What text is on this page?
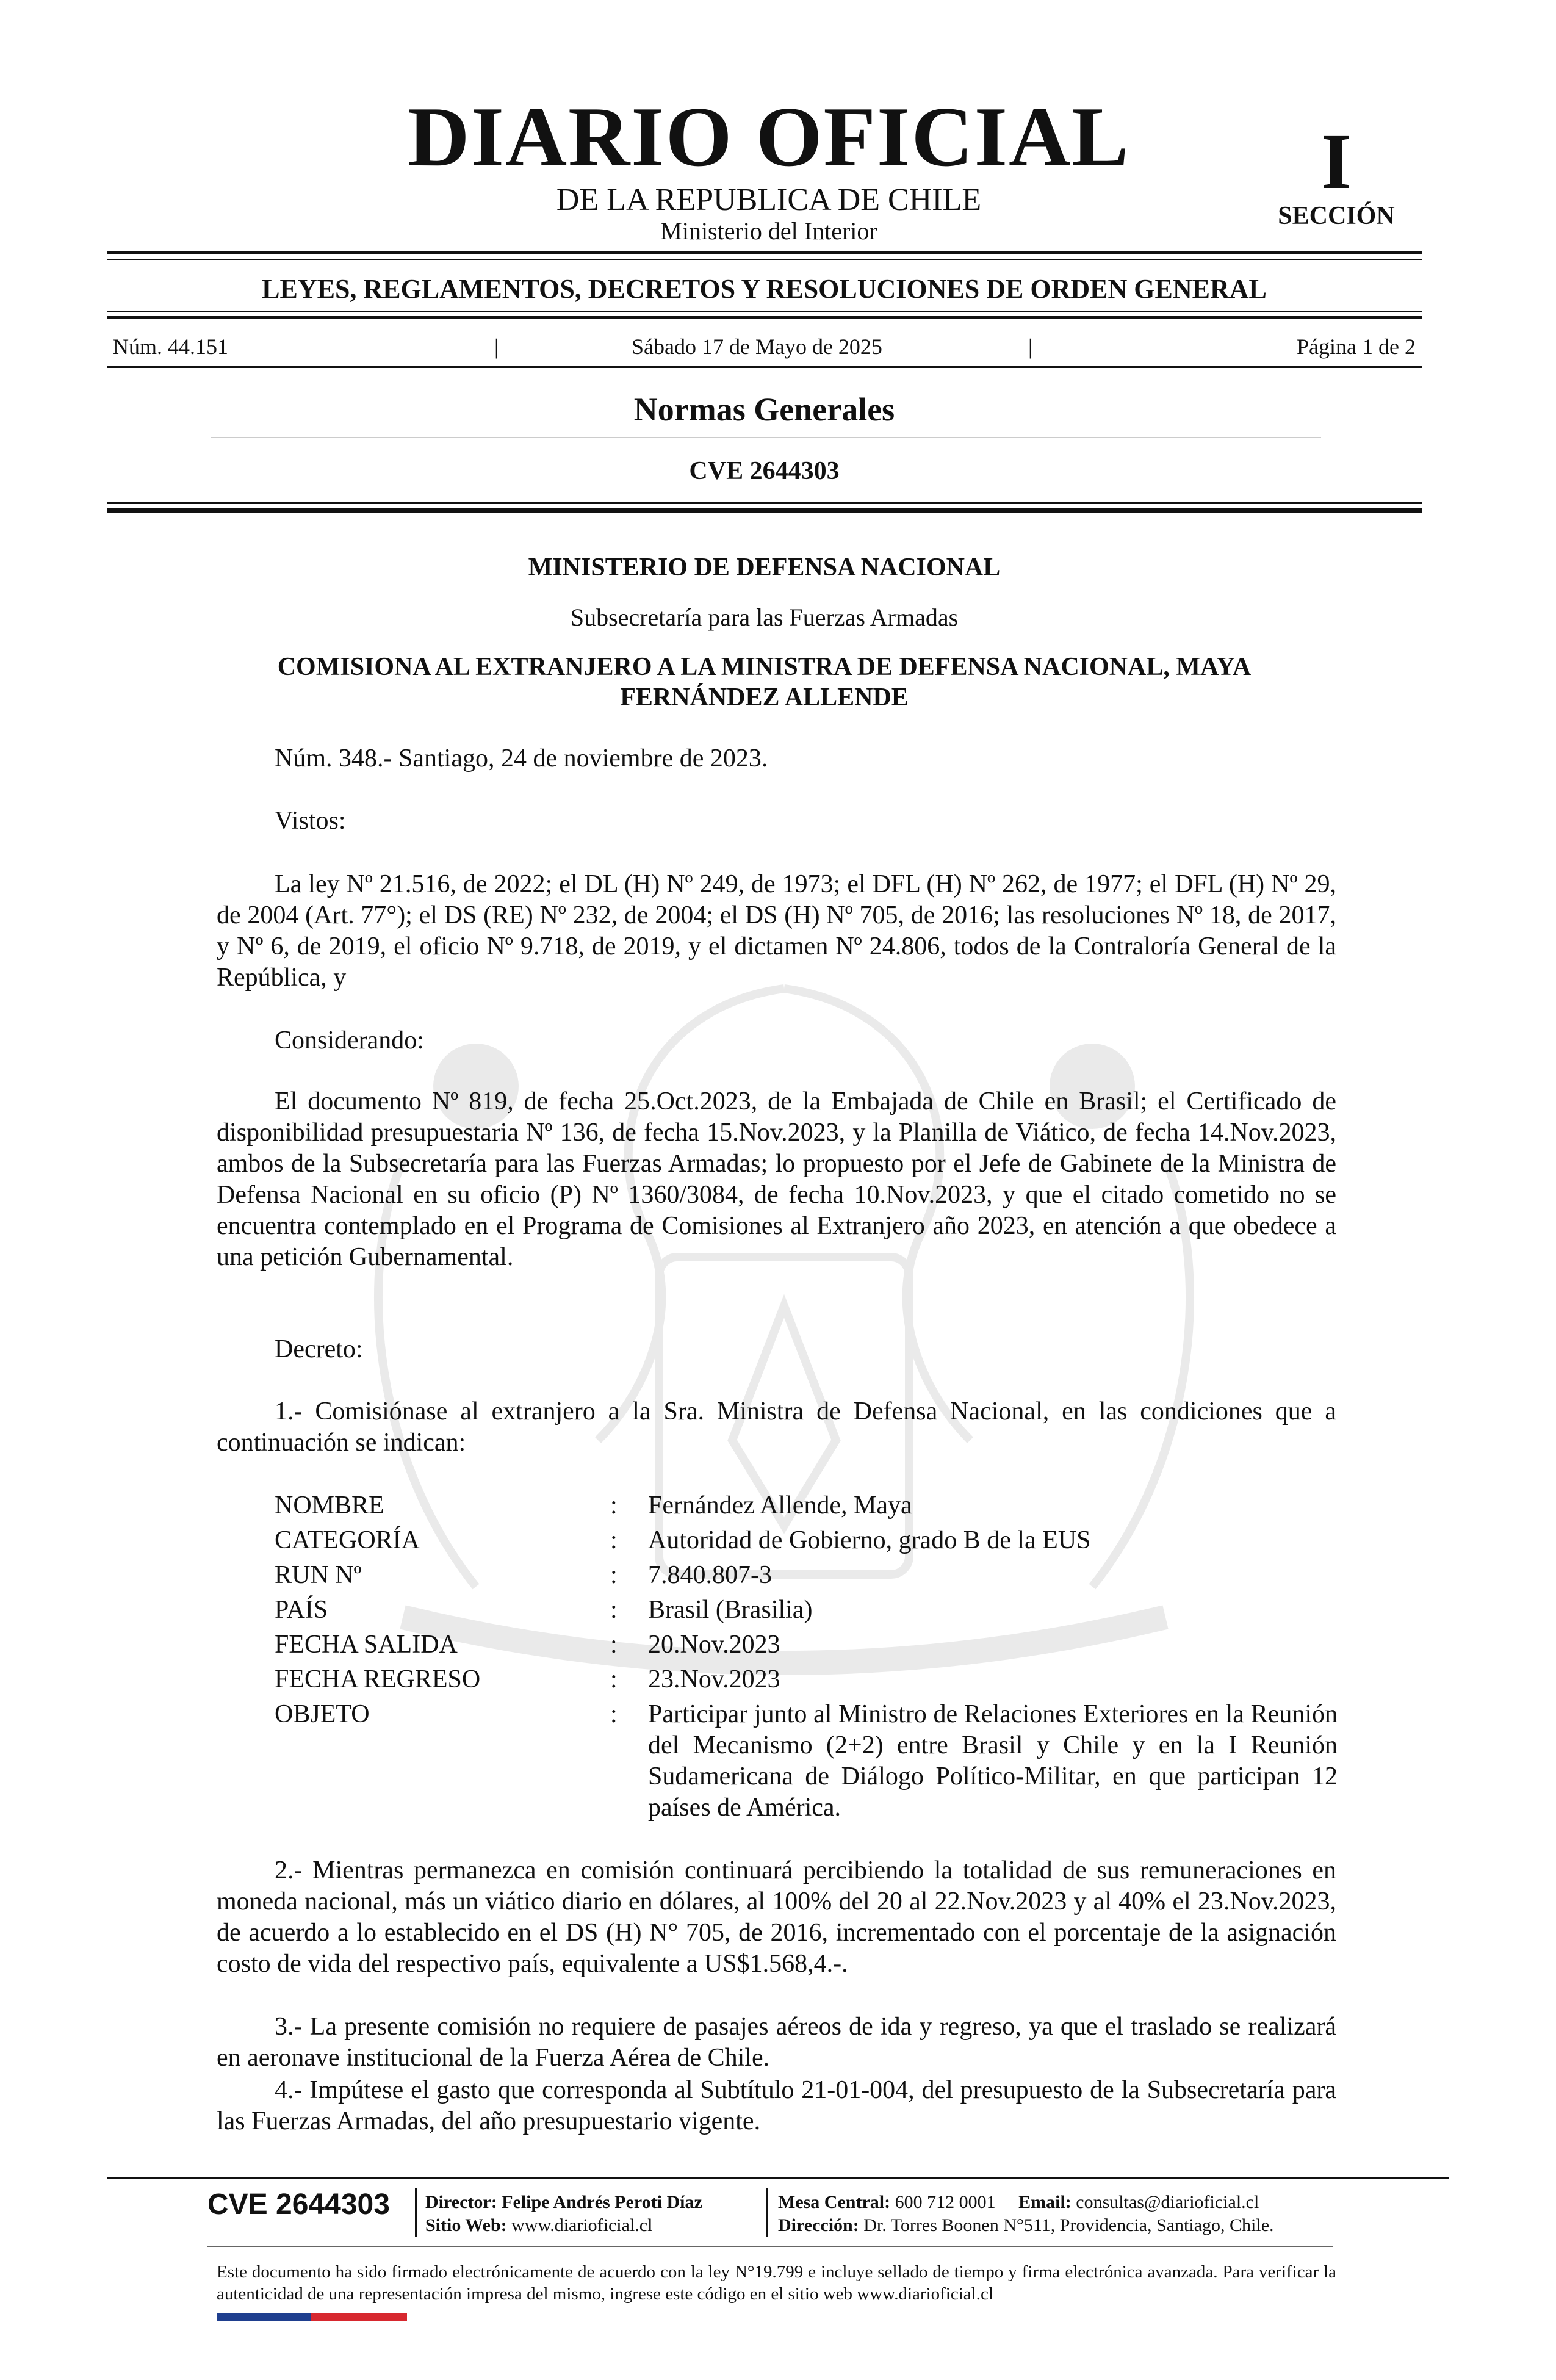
DIARIO OFICIAL
DE LA REPUBLICA DE CHILE
Ministerio del Interior
I
SECCIÓN
LEYES, REGLAMENTOS, DECRETOS Y RESOLUCIONES DE ORDEN GENERAL
Núm. 44.151	|	Sábado 17 de Mayo de 2025	|	Página 1 de 2
Normas Generales
CVE 2644303
MINISTERIO DE DEFENSA NACIONAL
Subsecretaría para las Fuerzas Armadas
COMISIONA AL EXTRANJERO A LA MINISTRA DE DEFENSA NACIONAL, MAYA
FERNÁNDEZ ALLENDE
Núm. 348.- Santiago, 24 de noviembre de 2023.
Vistos:
La ley Nº 21.516, de 2022; el DL (H) Nº 249, de 1973; el DFL (H) Nº 262, de 1977; el DFL (H) Nº 29, de 2004 (Art. 77°); el DS (RE) Nº 232, de 2004; el DS (H) Nº 705, de 2016; las resoluciones Nº 18, de 2017, y Nº 6, de 2019, el oficio Nº 9.718, de 2019, y el dictamen Nº 24.806, todos de la Contraloría General de la República, y
Considerando:
El documento Nº 819, de fecha 25.Oct.2023, de la Embajada de Chile en Brasil; el Certificado de disponibilidad presupuestaria Nº 136, de fecha 15.Nov.2023, y la Planilla de Viático, de fecha 14.Nov.2023, ambos de la Subsecretaría para las Fuerzas Armadas; lo propuesto por el Jefe de Gabinete de la Ministra de Defensa Nacional en su oficio (P) Nº 1360/3084, de fecha 10.Nov.2023, y que el citado cometido no se encuentra contemplado en el Programa de Comisiones al Extranjero año 2023, en atención a que obedece a una petición Gubernamental.
Decreto:
1.- Comisiónase al extranjero a la Sra. Ministra de Defensa Nacional, en las condiciones que a continuación se indican:
NOMBRE	: Fernández Allende, Maya
CATEGORÍA	: Autoridad de Gobierno, grado B de la EUS
RUN Nº	: 7.840.807-3
PAÍS	: Brasil (Brasilia)
FECHA SALIDA	: 20.Nov.2023
FECHA REGRESO	: 23.Nov.2023
OBJETO	: Participar junto al Ministro de Relaciones Exteriores en la Reunión del Mecanismo (2+2) entre Brasil y Chile y en la I Reunión Sudamericana de Diálogo Político-Militar, en que participan 12 países de América.
2.- Mientras permanezca en comisión continuará percibiendo la totalidad de sus remuneraciones en moneda nacional, más un viático diario en dólares, al 100% del 20 al 22.Nov.2023 y al 40% el 23.Nov.2023, de acuerdo a lo establecido en el DS (H) N° 705, de 2016, incrementado con el porcentaje de la asignación costo de vida del respectivo país, equivalente a US$1.568,4.-.
3.- La presente comisión no requiere de pasajes aéreos de ida y regreso, ya que el traslado se realizará en aeronave institucional de la Fuerza Aérea de Chile.
4.- Impútese el gasto que corresponda al Subtítulo 21-01-004, del presupuesto de la Subsecretaría para las Fuerzas Armadas, del año presupuestario vigente.
CVE 2644303 Director: Felipe Andrés Peroti Díaz
Sitio Web: www.diarioficial.cl
Mesa Central: 600 712 0001 Email: consultas@diarioficial.cl
Dirección: Dr. Torres Boonen N°511, Providencia, Santiago, Chile.
Este documento ha sido firmado electrónicamente de acuerdo con la ley N°19.799 e incluye sellado de tiempo y firma electrónica avanzada. Para verificar la autenticidad de una representación impresa del mismo, ingrese este código en el sitio web www.diarioficial.cl
